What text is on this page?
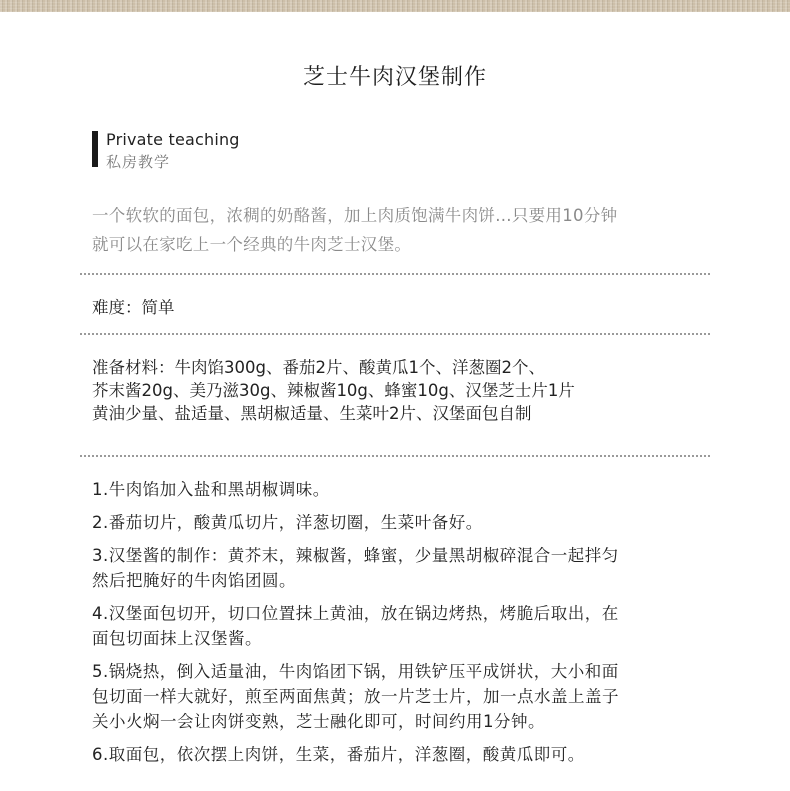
芝士牛肉汉堡制作
Private teaching
私房教学

一个软软的面包，浓稠的奶酪酱，加上肉质饱满牛肉饼...只要用10分钟

就可以在家吃上一个经典的牛肉芝士汉堡。

难度：简单

准备材料：牛肉馅300g、番茄2片、酸黄瓜1个、洋葱圈2个、

芥末酱20g、美乃滋30g、辣椒酱10g、蜂蜜10g、汉堡芝士片1片

黄油少量、盐适量、黑胡椒适量、生菜叶2片、汉堡面包自制

1.牛肉馅加入盐和黑胡椒调味。

2.番茄切片，酸黄瓜切片，洋葱切圈，生菜叶备好。

3.汉堡酱的制作：黄芥末，辣椒酱，蜂蜜，少量黑胡椒碎混合一起拌匀

然后把腌好的牛肉馅团圆。

4.汉堡面包切开，切口位置抹上黄油，放在锅边烤热，烤脆后取出，在

面包切面抹上汉堡酱。

5.锅烧热，倒入适量油，牛肉馅团下锅，用铁铲压平成饼状，大小和面

包切面一样大就好，煎至两面焦黄；放一片芝士片，加一点水盖上盖子

关小火焖一会让肉饼变熟，芝士融化即可，时间约用1分钟。

6.取面包，依次摆上肉饼，生菜，番茄片，洋葱圈，酸黄瓜即可。
